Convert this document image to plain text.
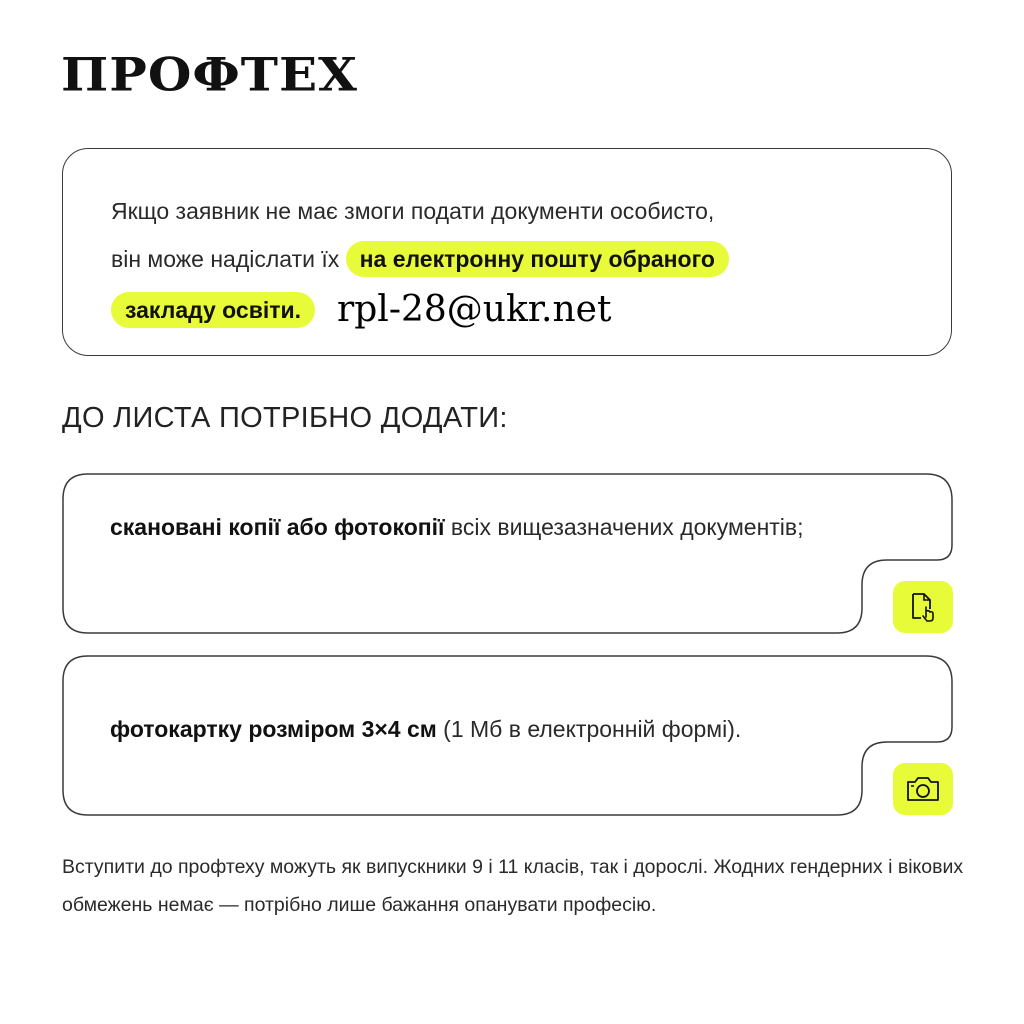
ПРОФТЕХ
Якщо заявник не має змоги подати документи особисто,
він може надіслати їх на електронну пошту обраного
закладу освіти. rpl-28@ukr.net
ДО ЛИСТА ПОТРІБНО ДОДАТИ:
скановані копії або фотокопії всіх вищезазначених документів;
фотокартку розміром 3×4 см (1 Мб в електронній формі).
Вступити до профтеху можуть як випускники 9 і 11 класів, так і дорослі. Жодних гендерних і вікових обмежень немає — потрібно лише бажання опанувати професію.
